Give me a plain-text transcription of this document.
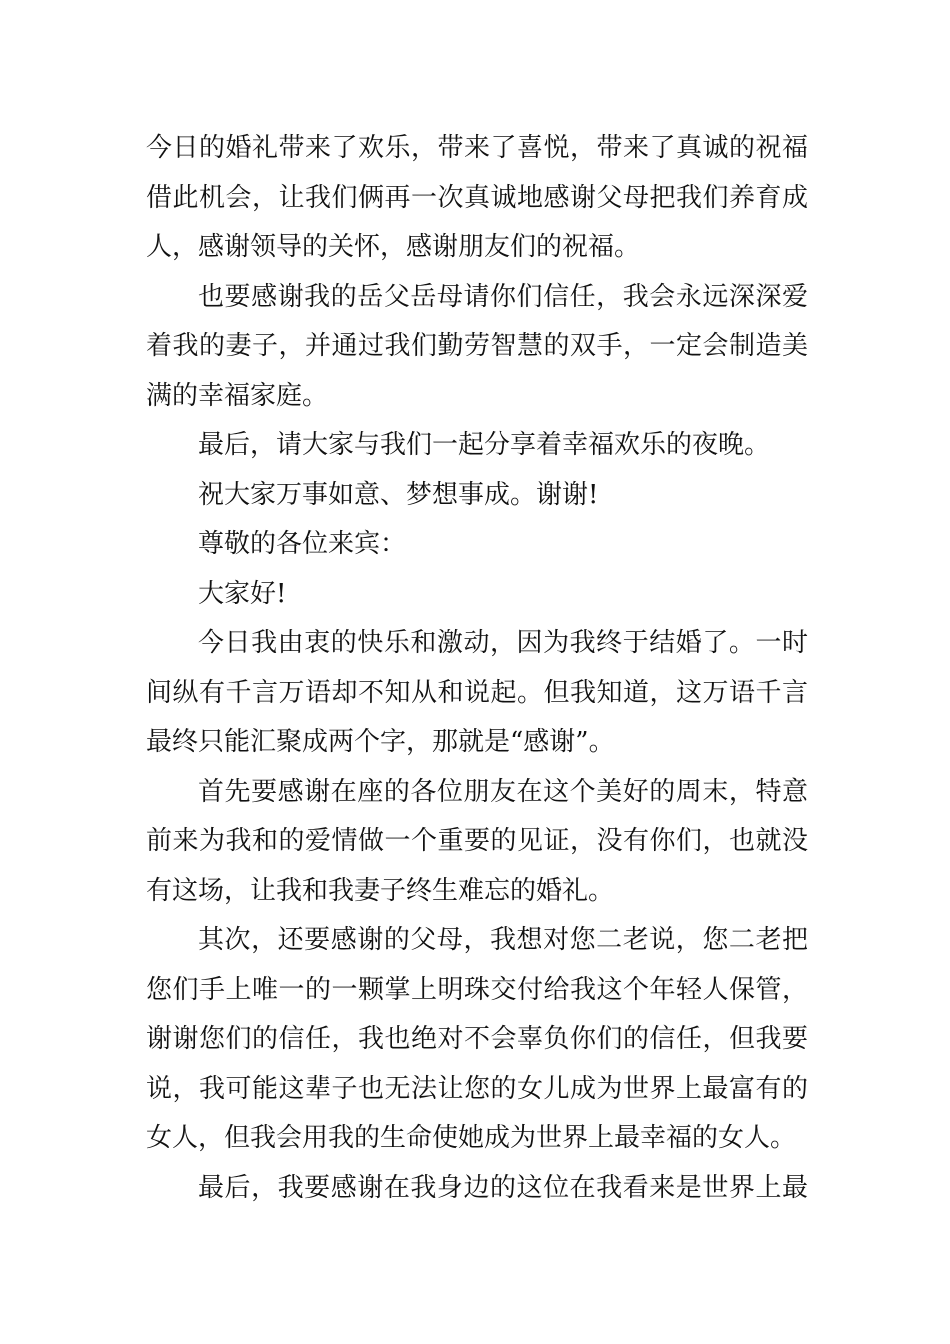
今日的婚礼带来了欢乐，带来了喜悦，带来了真诚的祝福
借此机会，让我们俩再一次真诚地感谢父母把我们养育成
人，感谢领导的关怀，感谢朋友们的祝福。
也要感谢我的岳父岳母请你们信任，我会永远深深爱
着我的妻子，并通过我们勤劳智慧的双手，一定会制造美
满的幸福家庭。
最后，请大家与我们一起分享着幸福欢乐的夜晚。
祝大家万事如意、梦想事成。谢谢!
尊敬的各位来宾：
大家好!
今日我由衷的快乐和激动，因为我终于结婚了。一时
间纵有千言万语却不知从和说起。但我知道，这万语千言
最终只能汇聚成两个字，那就是“感谢”。
首先要感谢在座的各位朋友在这个美好的周末，特意
前来为我和的爱情做一个重要的见证，没有你们，也就没
有这场，让我和我妻子终生难忘的婚礼。
其次，还要感谢的父母，我想对您二老说，您二老把
您们手上唯一的一颗掌上明珠交付给我这个年轻人保管，
谢谢您们的信任，我也绝对不会辜负你们的信任，但我要
说，我可能这辈子也无法让您的女儿成为世界上最富有的
女人，但我会用我的生命使她成为世界上最幸福的女人。
最后，我要感谢在我身边的这位在我看来是世界上最
